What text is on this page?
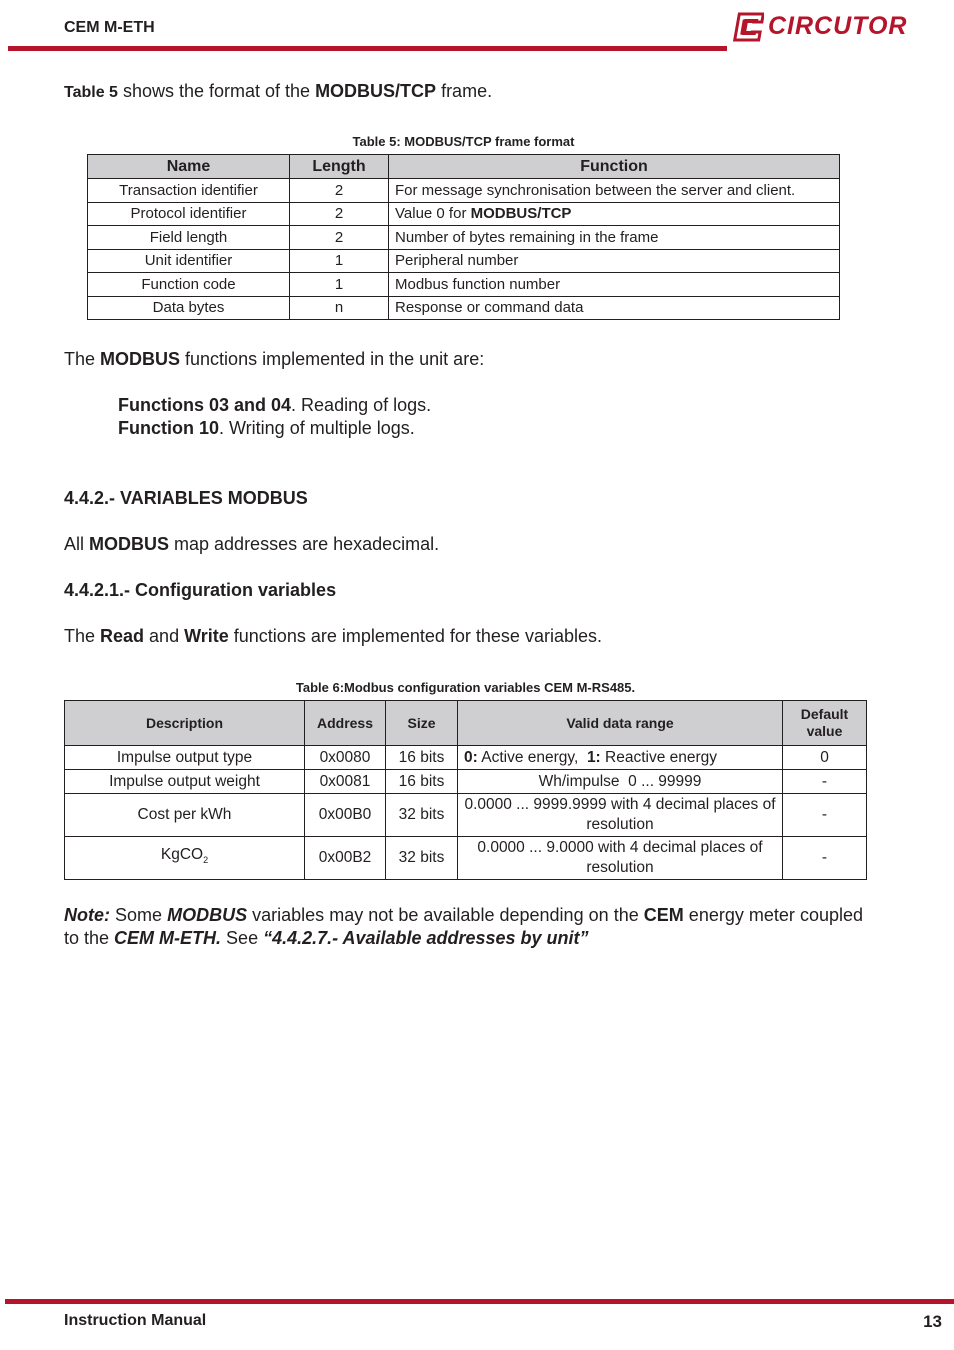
CEM M-ETH	CIRCUTOR
Table 5 shows the format of the MODBUS/TCP frame.
Table 5: MODBUS/TCP frame format
Name	Length	Function
Transaction identifier	2	For message synchronisation between the server and client.
Protocol identifier	2	Value 0 for MODBUS/TCP
Field length	2	Number of bytes remaining in the frame
Unit identifier	1	Peripheral number
Function code	1	Modbus function number
Data bytes	n	Response or command data
The MODBUS functions implemented in the unit are:
Functions 03 and 04. Reading of logs.
Function 10. Writing of multiple logs.
4.4.2.- VARIABLES MODBUS
All MODBUS map addresses are hexadecimal.
4.4.2.1.- Configuration variables
The Read and Write functions are implemented for these variables.
Table 6:Modbus configuration variables CEM M-RS485.
Description	Address	Size	Valid data range	Default
value
Impulse output type	0x0080	16 bits	0: Active energy,  1: Reactive energy	0
Impulse output weight	0x0081	16 bits	Wh/impulse  0 ... 99999	-
Cost per kWh	0x00B0	32 bits	0.0000 ... 9999.9999 with 4 decimal places of resolution	-
KgCO$_2$	0x00B2	32 bits	0.0000 ... 9.0000 with 4 decimal places of resolution	-
Note: Some MODBUS variables may not be available depending on the CEM energy meter coupled to the CEM M-ETH. See “4.4.2.7.- Available addresses by unit”
Instruction Manual	13
